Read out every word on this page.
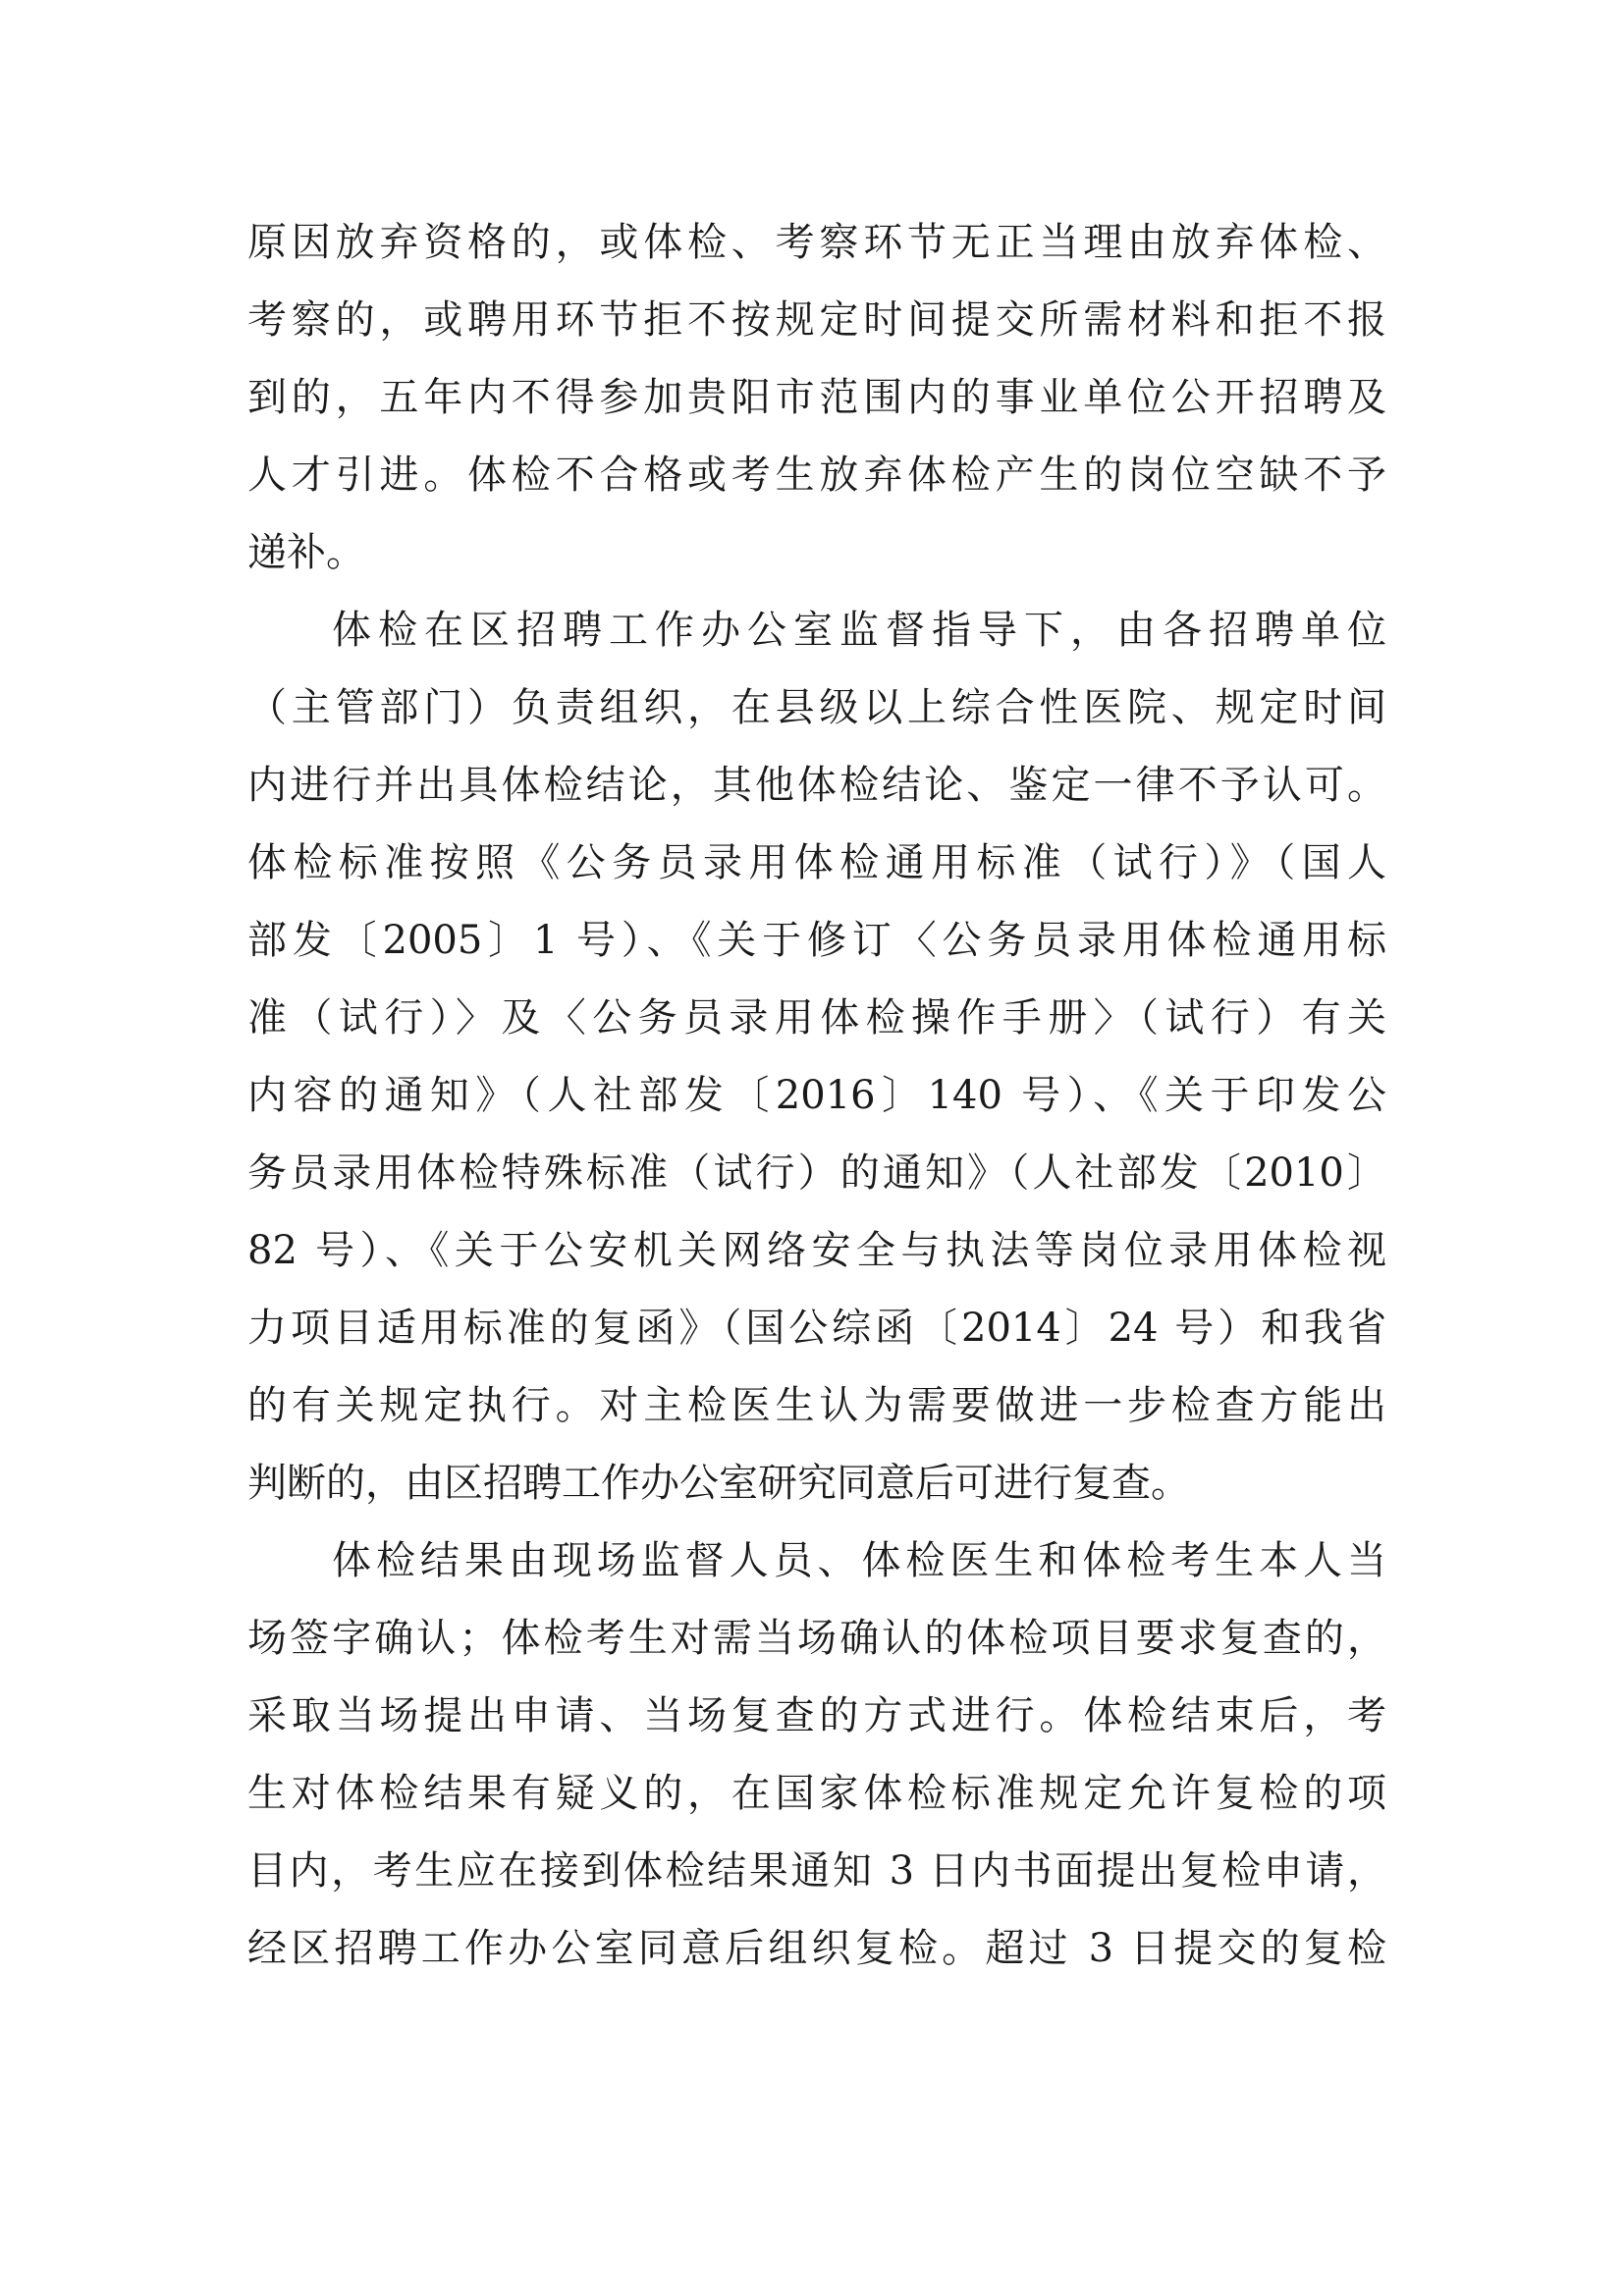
原因放弃资格的，或体检、考察环节无正当理由放弃体检、
考察的，或聘用环节拒不按规定时间提交所需材料和拒不报
到的，五年内不得参加贵阳市范围内的事业单位公开招聘及
人才引进。体检不合格或考生放弃体检产生的岗位空缺不予
递补。
体检在区招聘工作办公室监督指导下，由各招聘单位
（主管部门）负责组织，在县级以上综合性医院、规定时间
内进行并出具体检结论，其他体检结论、鉴定一律不予认可。
体检标准按照《公务员录用体检通用标准（试行）》（国人
部发〔2005〕1 号）、《关于修订〈公务员录用体检通用标
准（试行）〉及〈公务员录用体检操作手册〉（试行）有关
内容的通知》（人社部发〔2016〕140 号）、《关于印发公
务员录用体检特殊标准（试行）的通知》（人社部发〔2010〕
82 号）、《关于公安机关网络安全与执法等岗位录用体检视
力项目适用标准的复函》（国公综函〔2014〕24 号）和我省
的有关规定执行。对主检医生认为需要做进一步检查方能出
判断的，由区招聘工作办公室研究同意后可进行复查。
体检结果由现场监督人员、体检医生和体检考生本人当
场签字确认；体检考生对需当场确认的体检项目要求复查的，
采取当场提出申请、当场复查的方式进行。体检结束后，考
生对体检结果有疑义的，在国家体检标准规定允许复检的项
目内，考生应在接到体检结果通知 3 日内书面提出复检申请，
经区招聘工作办公室同意后组织复检。超过 3 日提交的复检
